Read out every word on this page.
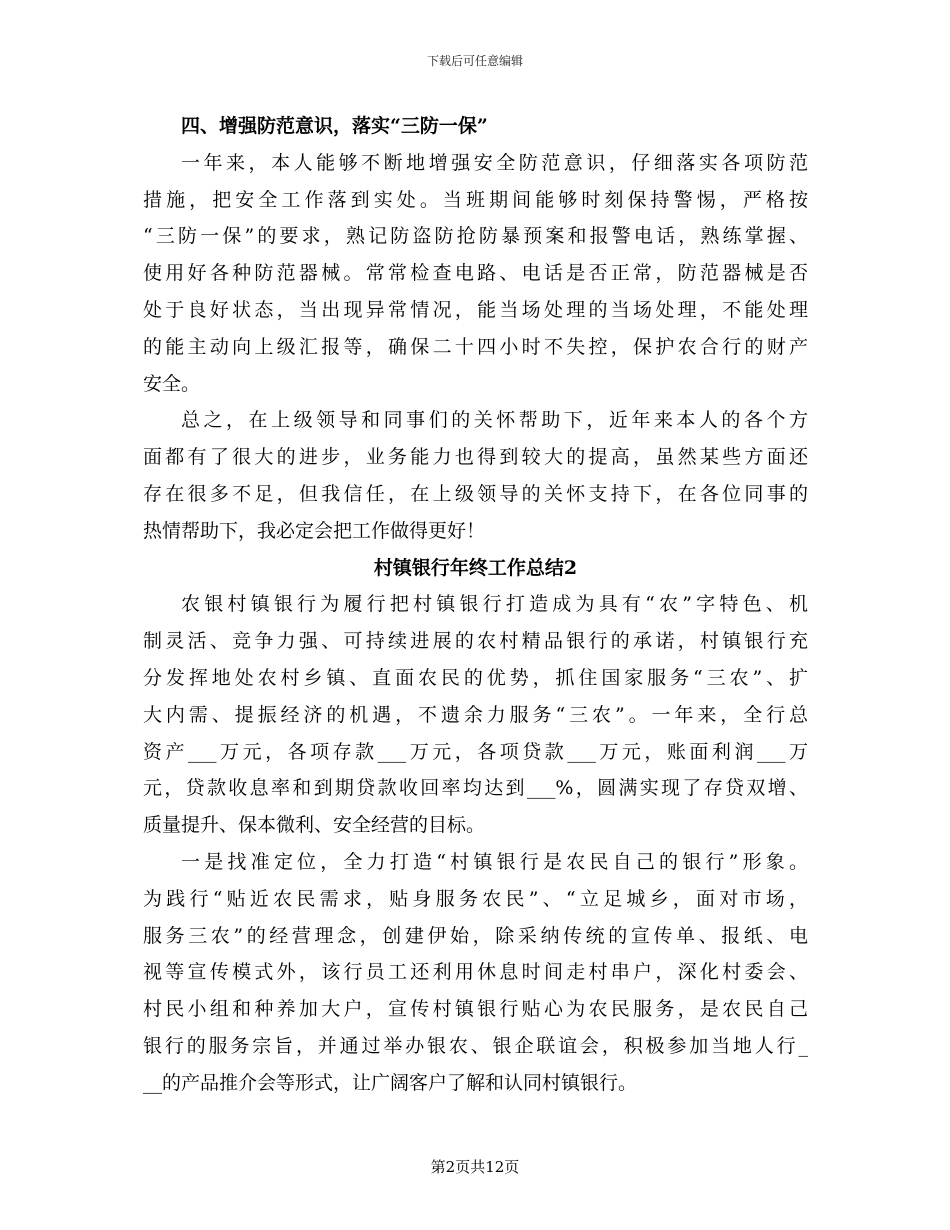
下载后可任意编辑
四、增强防范意识，落实“三防一保”
一年来，本人能够不断地增强安全防范意识，仔细落实各项防范
措施，把安全工作落到实处。当班期间能够时刻保持警惕，严格按
“三防一保”的要求，熟记防盗防抢防暴预案和报警电话，熟练掌握、
使用好各种防范器械。常常检查电路、电话是否正常，防范器械是否
处于良好状态，当出现异常情况，能当场处理的当场处理，不能处理
的能主动向上级汇报等，确保二十四小时不失控，保护农合行的财产
安全。
总之，在上级领导和同事们的关怀帮助下，近年来本人的各个方
面都有了很大的进步，业务能力也得到较大的提高，虽然某些方面还
存在很多不足，但我信任，在上级领导的关怀支持下，在各位同事的
热情帮助下，我必定会把工作做得更好！
村镇银行年终工作总结2
农银村镇银行为履行把村镇银行打造成为具有“农”字特色、机
制灵活、竞争力强、可持续进展的农村精品银行的承诺，村镇银行充
分发挥地处农村乡镇、直面农民的优势，抓住国家服务“三农”、扩
大内需、提振经济的机遇，不遗余力服务“三农”。一年来，全行总
资产___万元，各项存款___万元，各项贷款___万元，账面利润___万
元，贷款收息率和到期贷款收回率均达到___%，圆满实现了存贷双增、
质量提升、保本微利、安全经营的目标。
一是找准定位，全力打造“村镇银行是农民自己的银行”形象。
为践行“贴近农民需求，贴身服务农民”、“立足城乡，面对市场，
服务三农”的经营理念，创建伊始，除采纳传统的宣传单、报纸、电
视等宣传模式外，该行员工还利用休息时间走村串户，深化村委会、
村民小组和种养加大户，宣传村镇银行贴心为农民服务，是农民自己
银行的服务宗旨，并通过举办银农、银企联谊会，积极参加当地人行_
__的产品推介会等形式，让广阔客户了解和认同村镇银行。
第2页共12页
